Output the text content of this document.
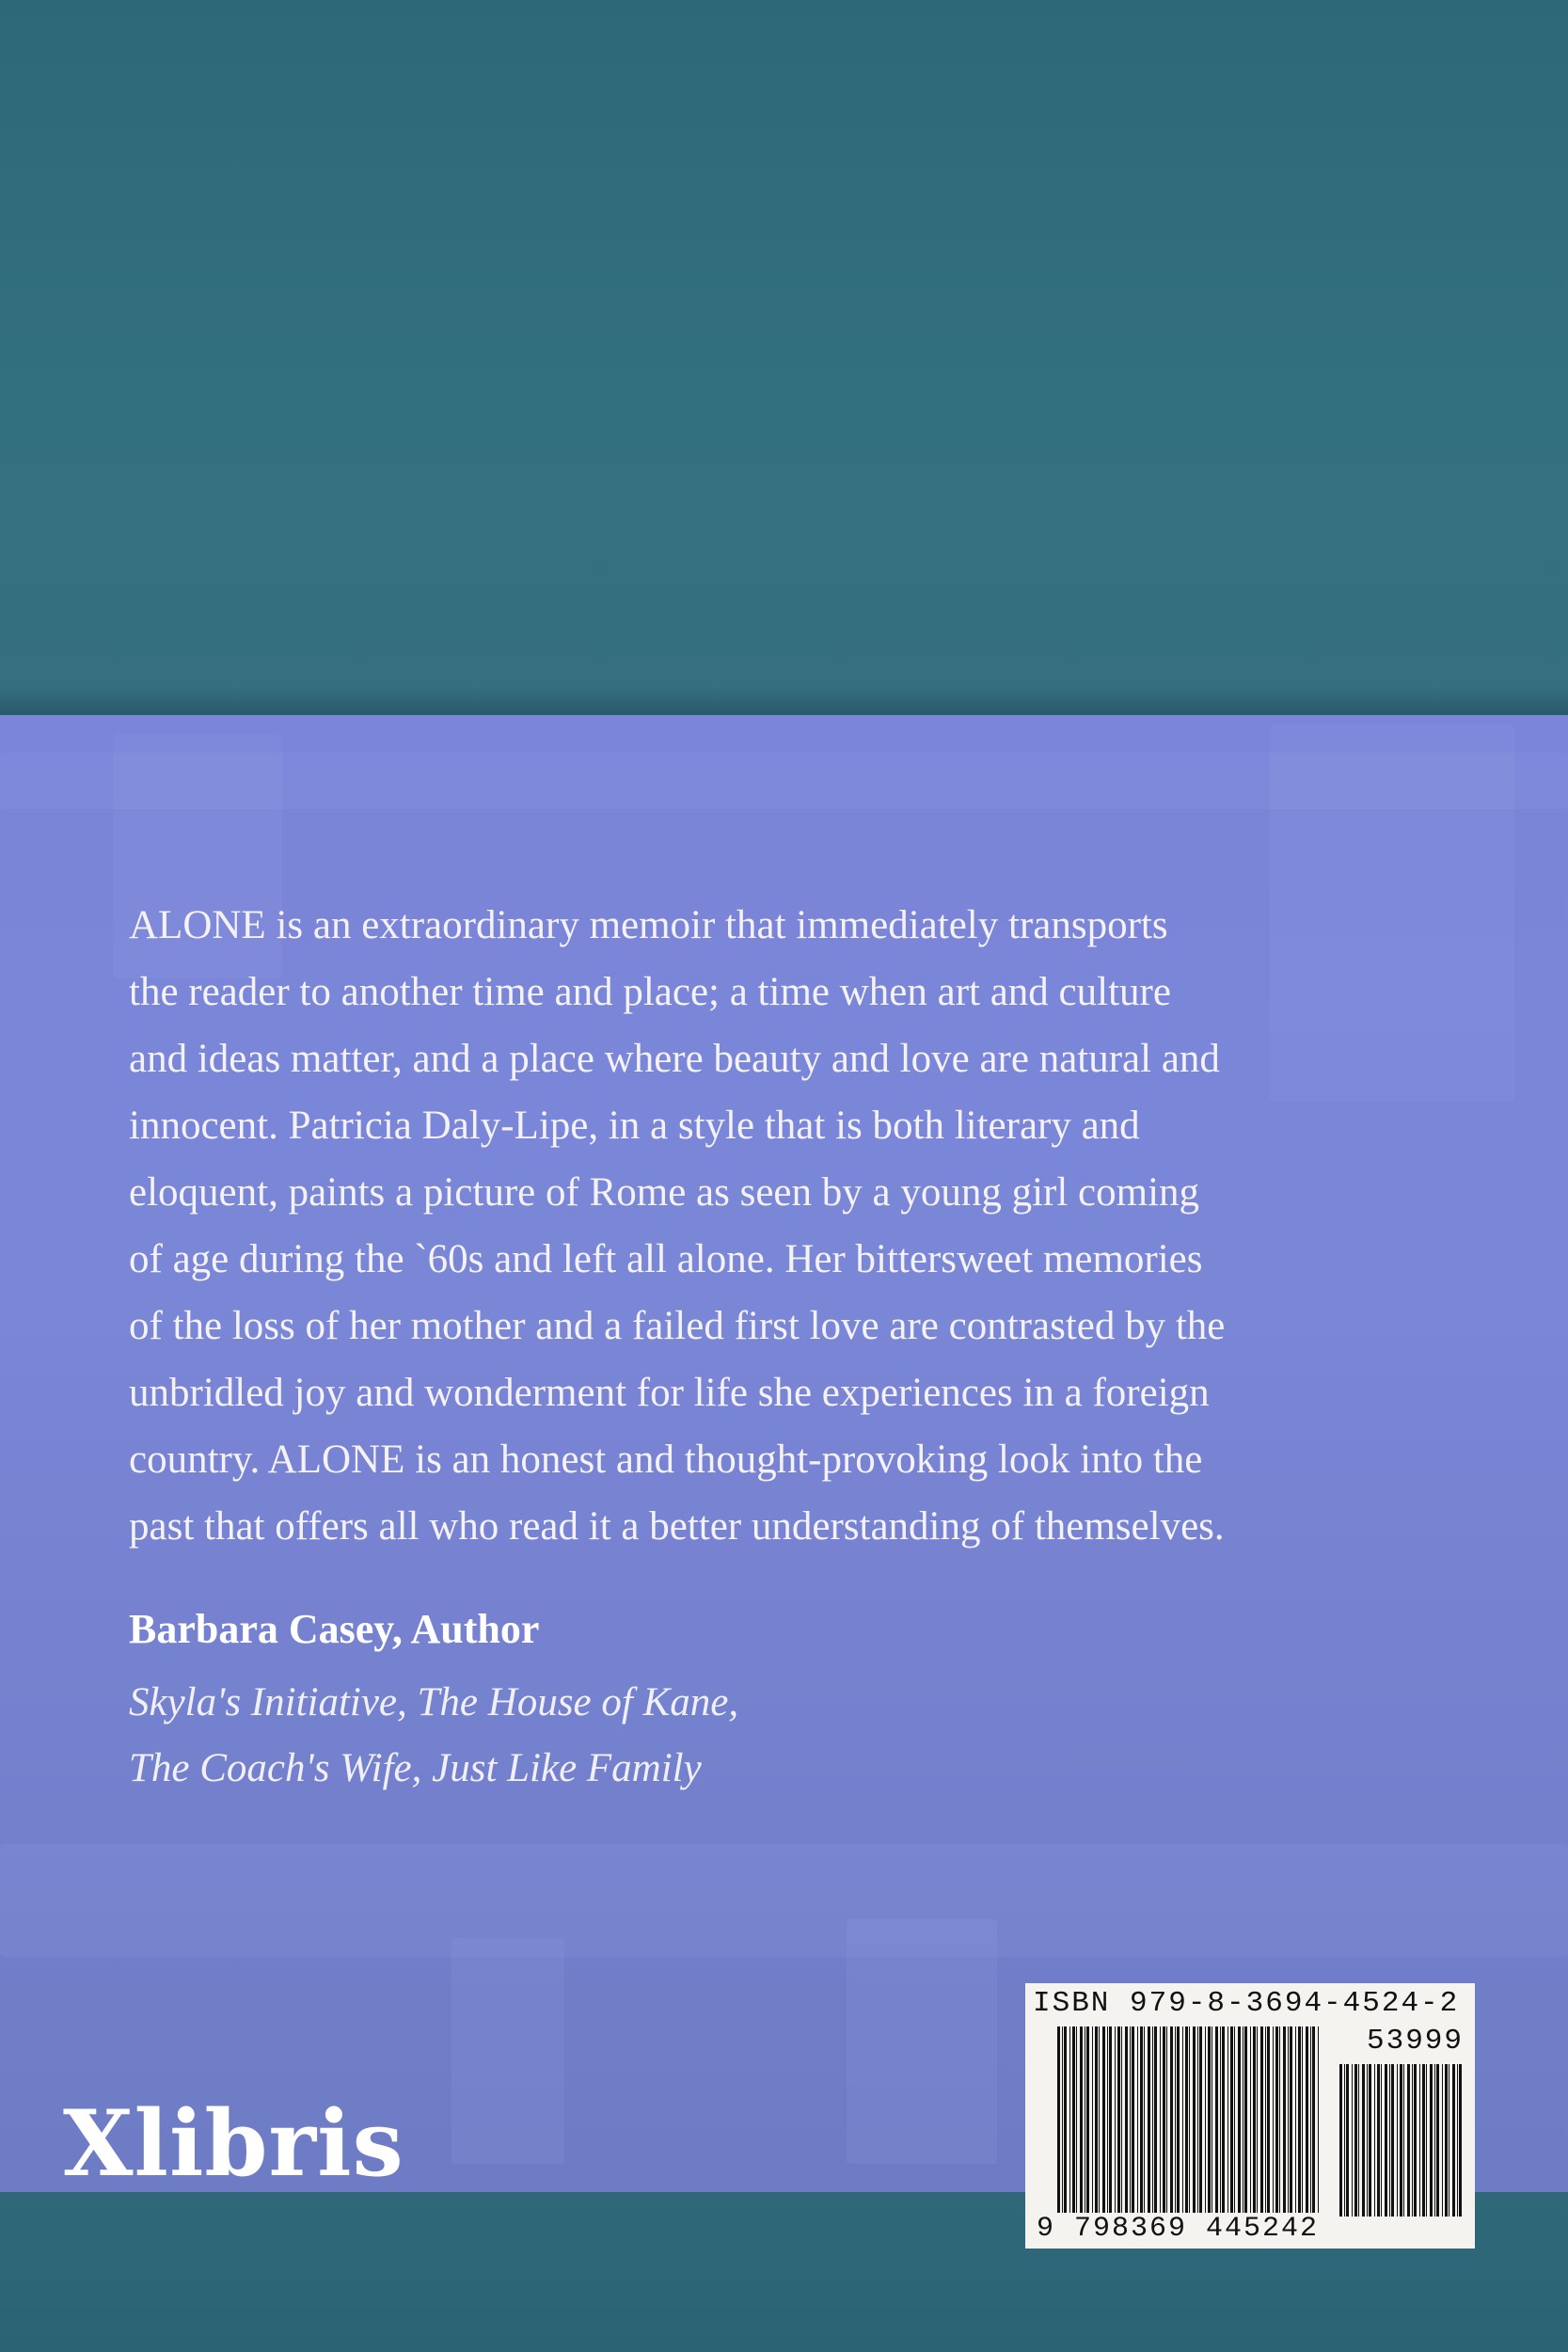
ALONE is an extraordinary memoir that immediately transports
the reader to another time and place; a time when art and culture
and ideas matter, and a place where beauty and love are natural and
innocent. Patricia Daly-Lipe, in a style that is both literary and
eloquent, paints a picture of Rome as seen by a young girl coming
of age during the `60s and left all alone. Her bittersweet memories
of the loss of her mother and a failed first love are contrasted by the
unbridled joy and wonderment for life she experiences in a foreign
country. ALONE is an honest and thought-provoking look into the
past that offers all who read it a better understanding of themselves.

Barbara Casey, Author

Skyla's Initiative, The House of Kane,

The Coach's Wife, Just Like Family

Xlibris
ISBN 979-8-3694-4524-2
53999
9 798369 445242
